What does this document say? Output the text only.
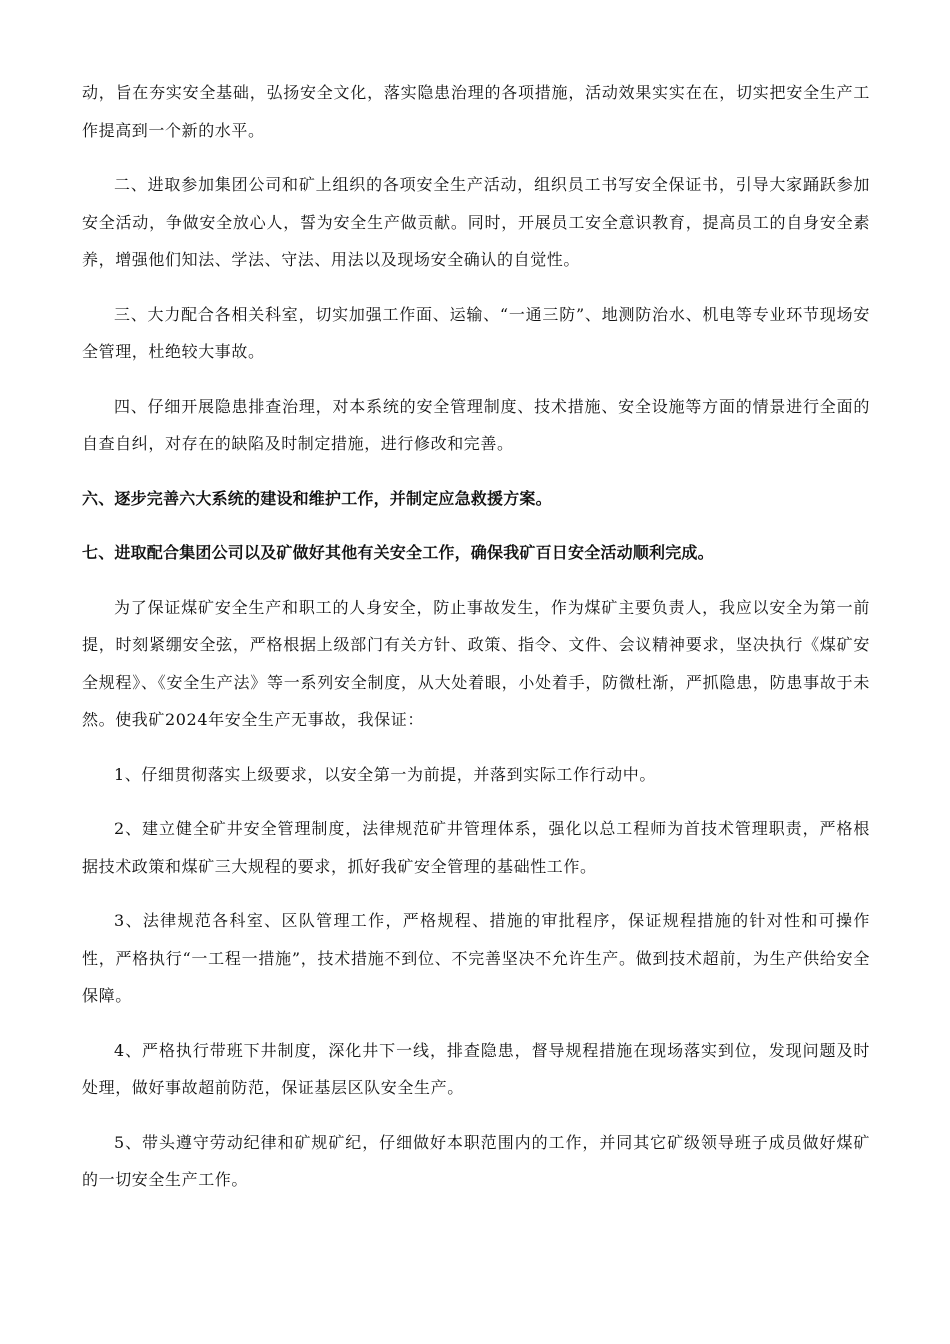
动，旨在夯实安全基础，弘扬安全文化，落实隐患治理的各项措施，活动效果实实在在，切实把安全生产工作提高到一个新的水平。

二、进取参加集团公司和矿上组织的各项安全生产活动，组织员工书写安全保证书，引导大家踊跃参加安全活动，争做安全放心人，誓为安全生产做贡献。同时，开展员工安全意识教育，提高员工的自身安全素养，增强他们知法、学法、守法、用法以及现场安全确认的自觉性。

三、大力配合各相关科室，切实加强工作面、运输、“一通三防”、地测防治水、机电等专业环节现场安全管理，杜绝较大事故。

四、仔细开展隐患排查治理，对本系统的安全管理制度、技术措施、安全设施等方面的情景进行全面的自查自纠，对存在的缺陷及时制定措施，进行修改和完善。

六、逐步完善六大系统的建设和维护工作，并制定应急救援方案。

七、进取配合集团公司以及矿做好其他有关安全工作，确保我矿百日安全活动顺利完成。

为了保证煤矿安全生产和职工的人身安全，防止事故发生，作为煤矿主要负责人，我应以安全为第一前提，时刻紧绷安全弦，严格根据上级部门有关方针、政策、指令、文件、会议精神要求，坚决执行《煤矿安全规程》、《安全生产法》等一系列安全制度，从大处着眼，小处着手，防微杜渐，严抓隐患，防患事故于未然。使我矿2024年安全生产无事故，我保证：

1、仔细贯彻落实上级要求，以安全第一为前提，并落到实际工作行动中。

2、建立健全矿井安全管理制度，法律规范矿井管理体系，强化以总工程师为首技术管理职责，严格根据技术政策和煤矿三大规程的要求，抓好我矿安全管理的基础性工作。

3、法律规范各科室、区队管理工作，严格规程、措施的审批程序，保证规程措施的针对性和可操作性，严格执行“一工程一措施”，技术措施不到位、不完善坚决不允许生产。做到技术超前，为生产供给安全保障。

4、严格执行带班下井制度，深化井下一线，排查隐患，督导规程措施在现场落实到位，发现问题及时处理，做好事故超前防范，保证基层区队安全生产。

5、带头遵守劳动纪律和矿规矿纪，仔细做好本职范围内的工作，并同其它矿级领导班子成员做好煤矿的一切安全生产工作。
